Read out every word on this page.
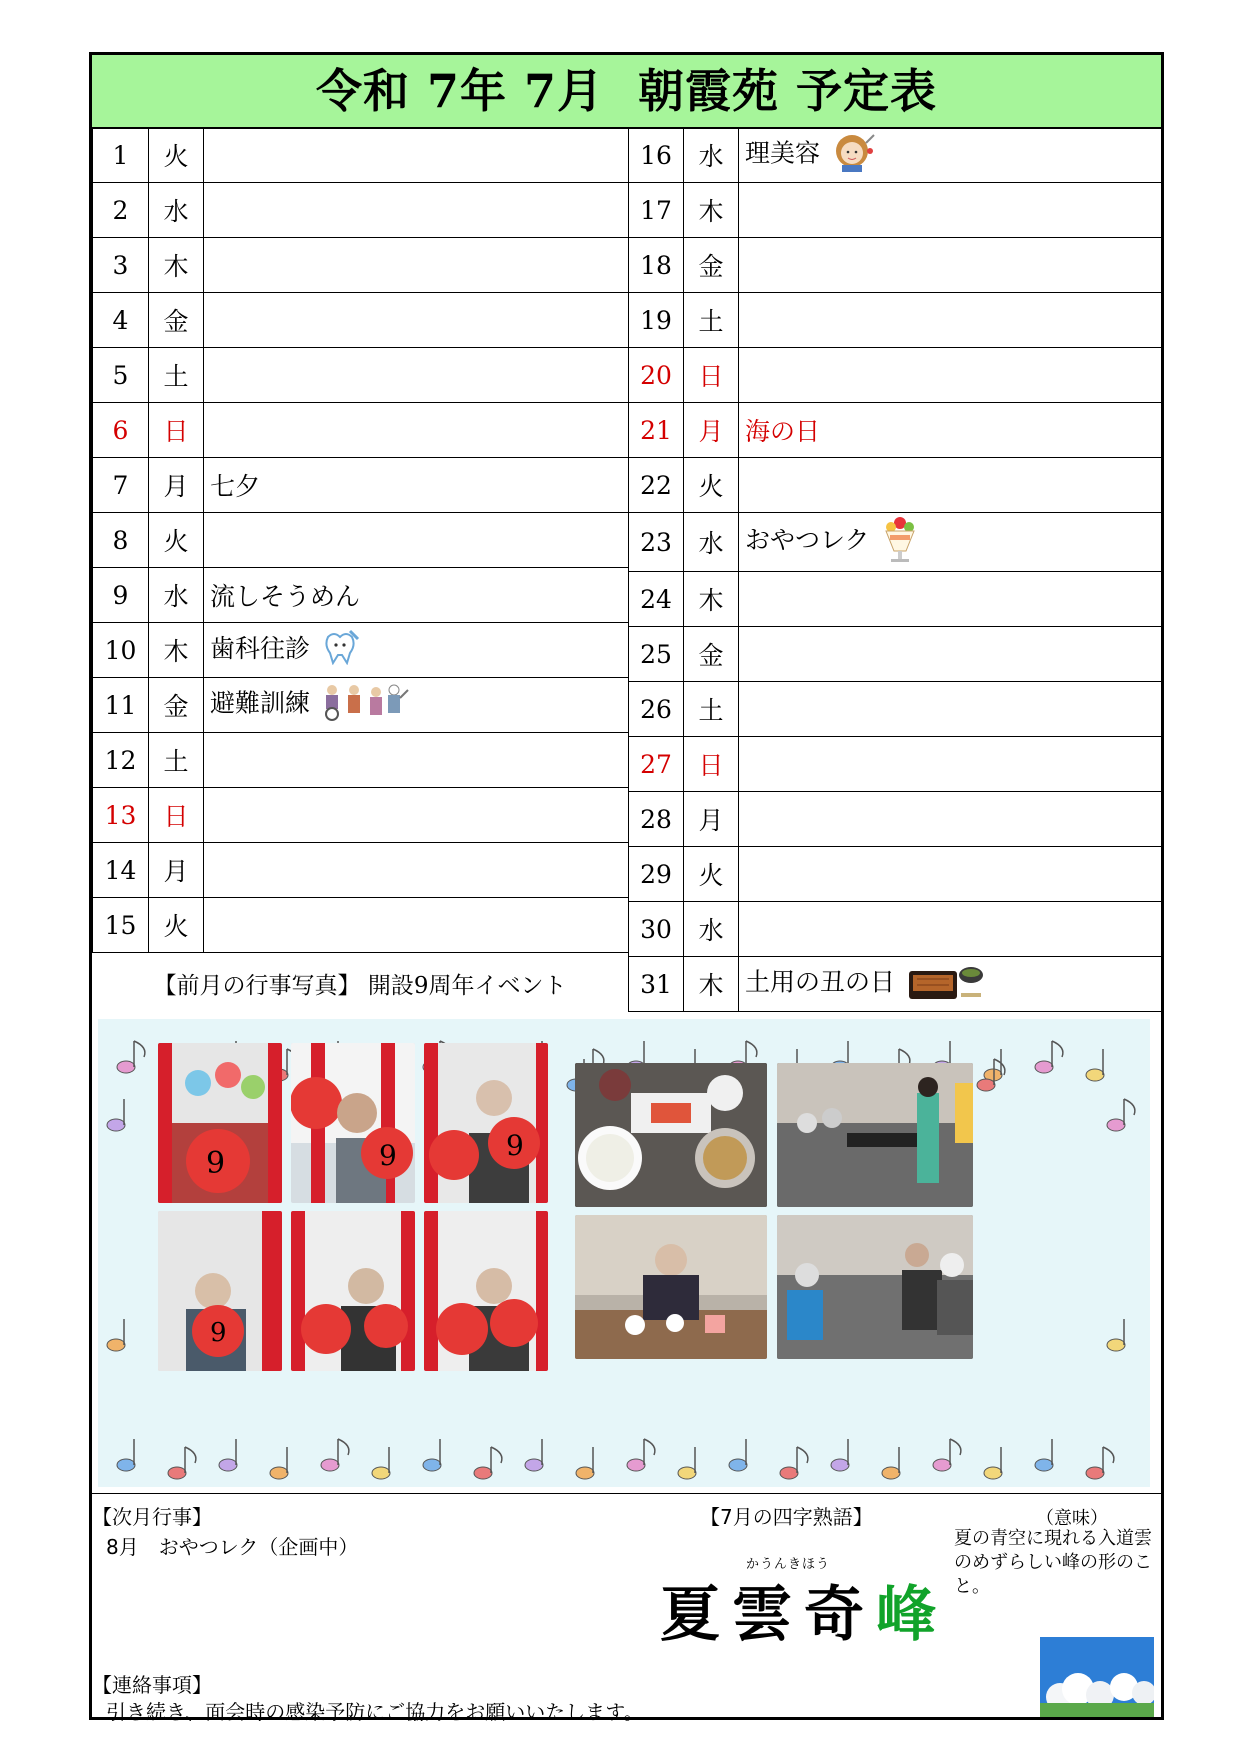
令和 7年 7月 朝霞苑 予定表
1	火	
2	水	
3	木	
4	金	
5	土	
6	日	
7	月	七夕
8	火	
9	水	流しそうめん
10	木	歯科往診
11	金	避難訓練
12	土	
13	日	
14	月	
15	火	
16	水	理美容
17	木	
18	金	
19	土	
20	日	
21	月	海の日
22	火	
23	水	おやつレク
24	木	
25	金	
26	土	
27	日	
28	月	
29	火	
30	水	
31	木	土用の丑の日
【前月の行事写真】 開設9周年イベント
9	9	9
9
【次月行事】
8月　おやつレク（企画中）
【連絡事項】
引き続き、面会時の感染予防にご協力をお願いいたします。
【7月の四字熟語】
かうんきほう
夏雲奇峰
（意味）
夏の青空に現れる入道雲のめずらしい峰の形のこと。
